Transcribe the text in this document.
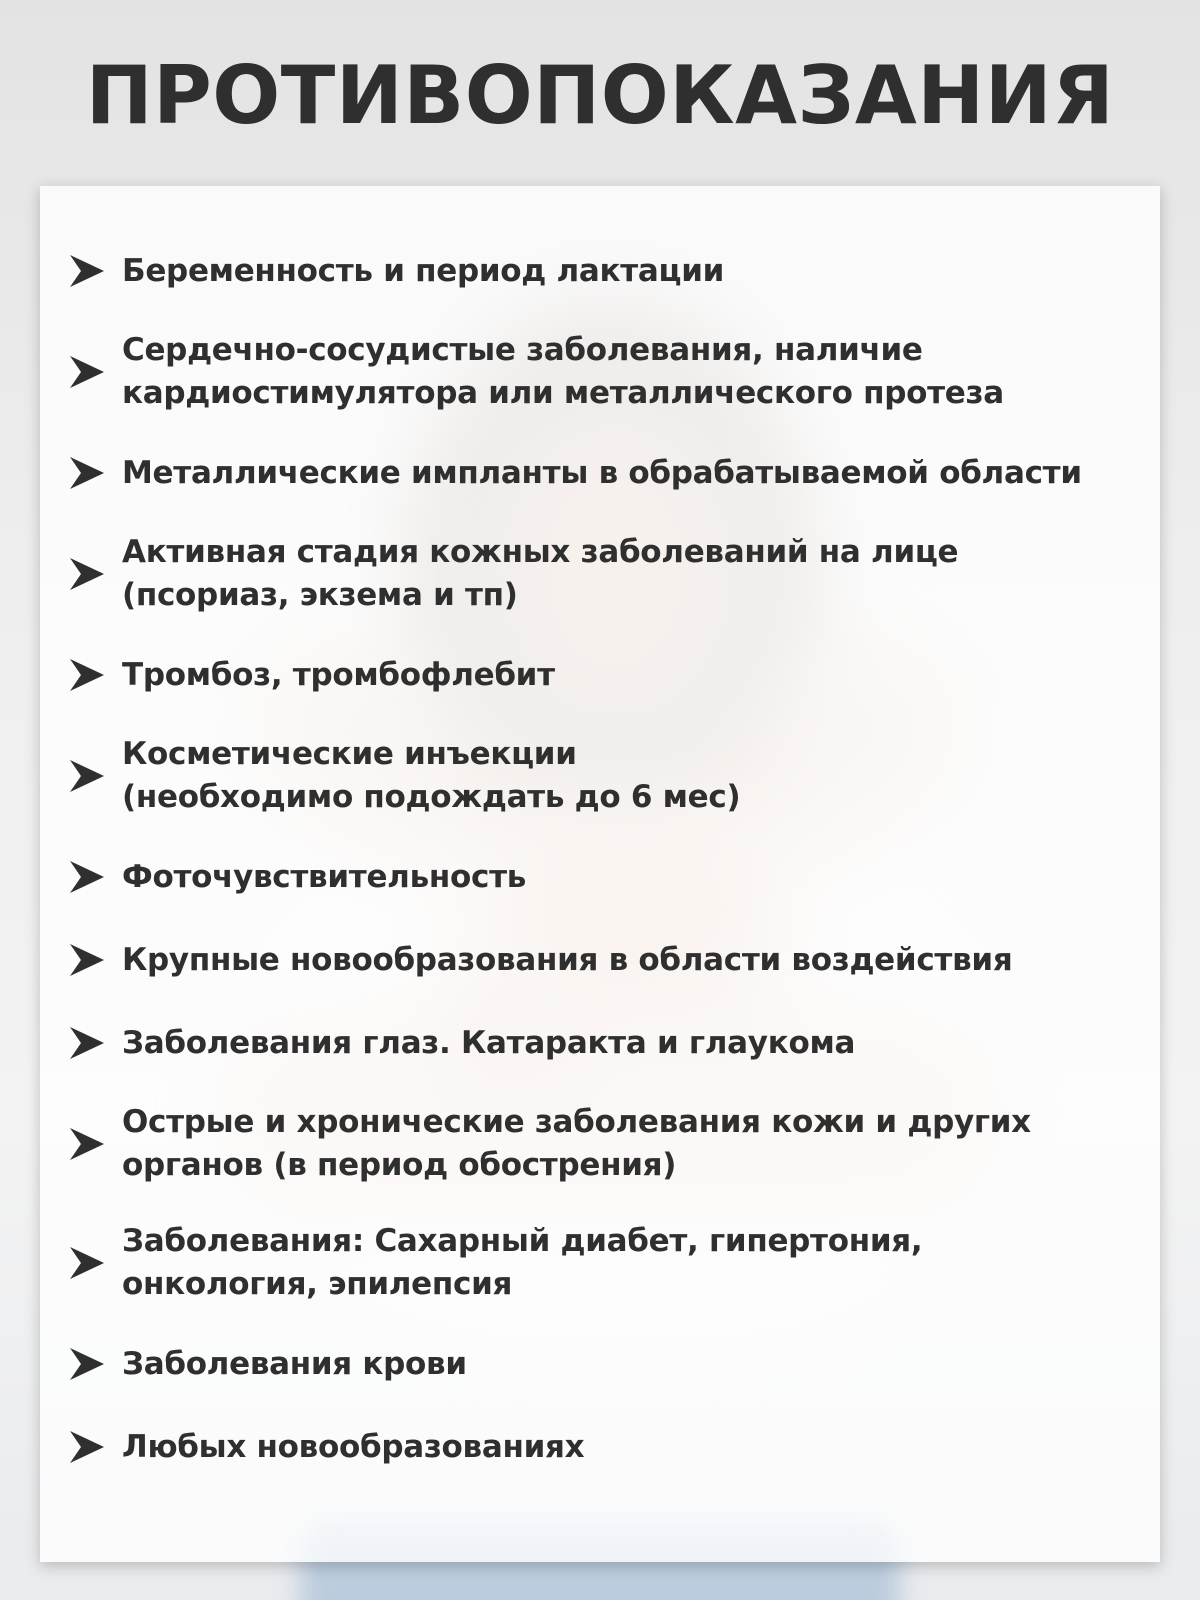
ПРОТИВОПОКАЗАНИЯ
Беременность и период лактации
Сердечно-сосудистые заболевания, наличие
кардиостимулятора или металлического протеза
Металлические импланты в обрабатываемой области
Активная стадия кожных заболеваний на лице
(псориаз, экзема и тп)
Тромбоз, тромбофлебит
Косметические инъекции
(необходимо подождать до 6 мес)
Фоточувствительность
Крупные новообразования в области воздействия
Заболевания глаз. Катаракта и глаукома
Острые и хронические заболевания кожи и других
органов (в период обострения)
Заболевания: Сахарный диабет, гипертония,
онкология, эпилепсия
Заболевания крови
Любых новообразованиях
